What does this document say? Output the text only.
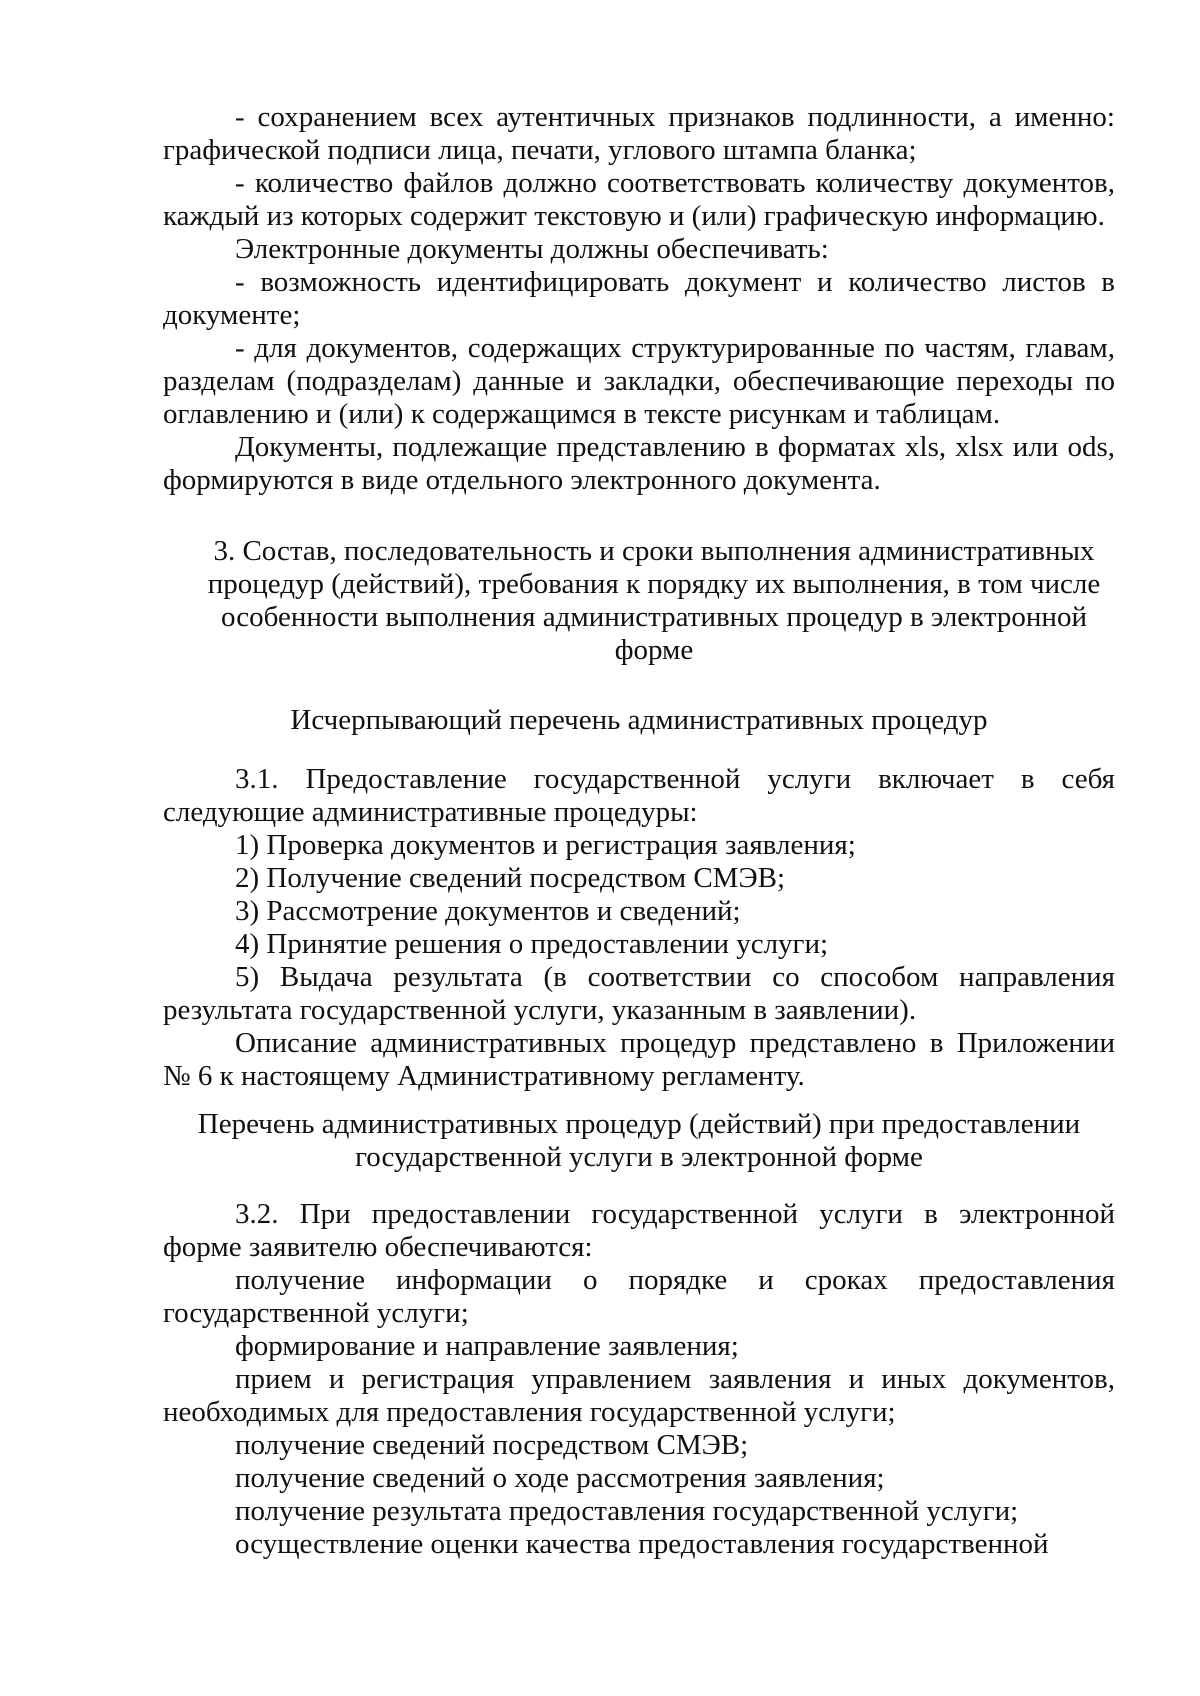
- сохранением всех аутентичных признаков подлинности, а именно: графической подписи лица, печати, углового штампа бланка;

- количество файлов должно соответствовать количеству документов, каждый из которых содержит текстовую и (или) графическую информацию.

Электронные документы должны обеспечивать:

- возможность идентифицировать документ и количество листов в документе;

- для документов, содержащих структурированные по частям, главам, разделам (подразделам) данные и закладки, обеспечивающие переходы по оглавлению и (или) к содержащимся в тексте рисункам и таблицам.

Документы, подлежащие представлению в форматах xls, xlsx или ods, формируются в виде отдельного электронного документа.

3. Состав, последовательность и сроки выполнения административных процедур (действий), требования к порядку их выполнения, в том числе особенности выполнения административных процедур в электронной форме

Исчерпывающий перечень административных процедур

3.1. Предоставление государственной услуги включает в себя следующие административные процедуры:

1) Проверка документов и регистрация заявления;

2) Получение сведений посредством СМЭВ;

3) Рассмотрение документов и сведений;

4) Принятие решения о предоставлении услуги;

5) Выдача результата (в соответствии со способом направления результата государственной услуги, указанным в заявлении).

Описание административных процедур представлено в Приложении № 6 к настоящему Административному регламенту.

Перечень административных процедур (действий) при предоставлении государственной услуги в электронной форме

3.2. При предоставлении государственной услуги в электронной форме заявителю обеспечиваются:

получение информации о порядке и сроках предоставления государственной услуги;

формирование и направление заявления;

прием и регистрация управлением заявления и иных документов, необходимых для предоставления государственной услуги;

получение сведений посредством СМЭВ;

получение сведений о ходе рассмотрения заявления;

получение результата предоставления государственной услуги;

осуществление оценки качества предоставления государственной
